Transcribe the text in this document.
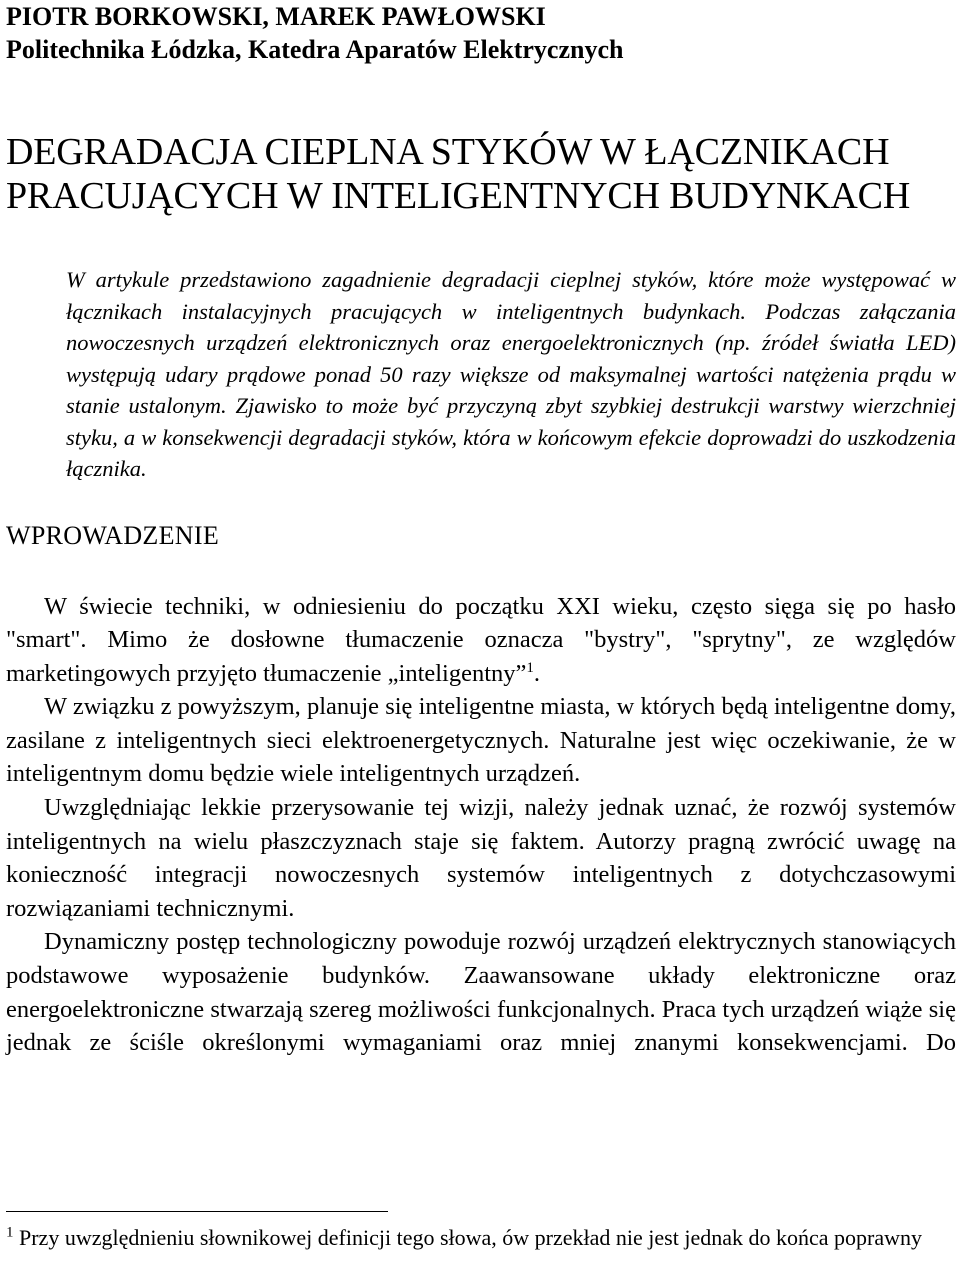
PIOTR BORKOWSKI, MAREK PAWŁOWSKI
Politechnika Łódzka, Katedra Aparatów Elektrycznych
DEGRADACJA CIEPLNA STYKÓW W ŁĄCZNIKACH
PRACUJĄCYCH W INTELIGENTNYCH BUDYNKACH

W artykule przedstawiono zagadnienie degradacji cieplnej styków, które może występować w łącznikach instalacyjnych pracujących w inteligentnych budynkach. Podczas załączania nowoczesnych urządzeń elektronicznych oraz energoelektronicznych (np. źródeł światła LED) występują udary prądowe ponad 50 razy większe od maksymalnej wartości natężenia prądu w stanie ustalonym. Zjawisko to może być przyczyną zbyt szybkiej destrukcji warstwy wierzchniej styku, a w konsekwencji degradacji styków, która w końcowym efekcie doprowadzi do uszkodzenia łącznika.

WPROWADZENIE

W świecie techniki, w odniesieniu do początku XXI wieku, często sięga się po hasło "smart". Mimo że dosłowne tłumaczenie oznacza "bystry", "sprytny", ze względów marketingowych przyjęto tłumaczenie „inteligentny”$^1$.

W związku z powyższym, planuje się inteligentne miasta, w których będą inteligentne domy, zasilane z inteligentnych sieci elektroenergetycznych. Naturalne jest więc oczekiwanie, że w inteligentnym domu będzie wiele inteligentnych urządzeń.

Uwzględniając lekkie przerysowanie tej wizji, należy jednak uznać, że rozwój systemów inteligentnych na wielu płaszczyznach staje się faktem. Autorzy pragną zwrócić uwagę na konieczność integracji nowoczesnych systemów inteligentnych z dotychczasowymi rozwiązaniami technicznymi.

Dynamiczny postęp technologiczny powoduje rozwój urządzeń elektrycznych stanowiących podstawowe wyposażenie budynków. Zaawansowane układy elektroniczne oraz energoelektroniczne stwarzają szereg możliwości funkcjonalnych. Praca tych urządzeń wiąże się jednak ze ściśle określonymi wymaganiami oraz mniej znanymi konsekwencjami. Do

$^1$ Przy uwzględnieniu słownikowej definicji tego słowa, ów przekład nie jest jednak do końca poprawny
